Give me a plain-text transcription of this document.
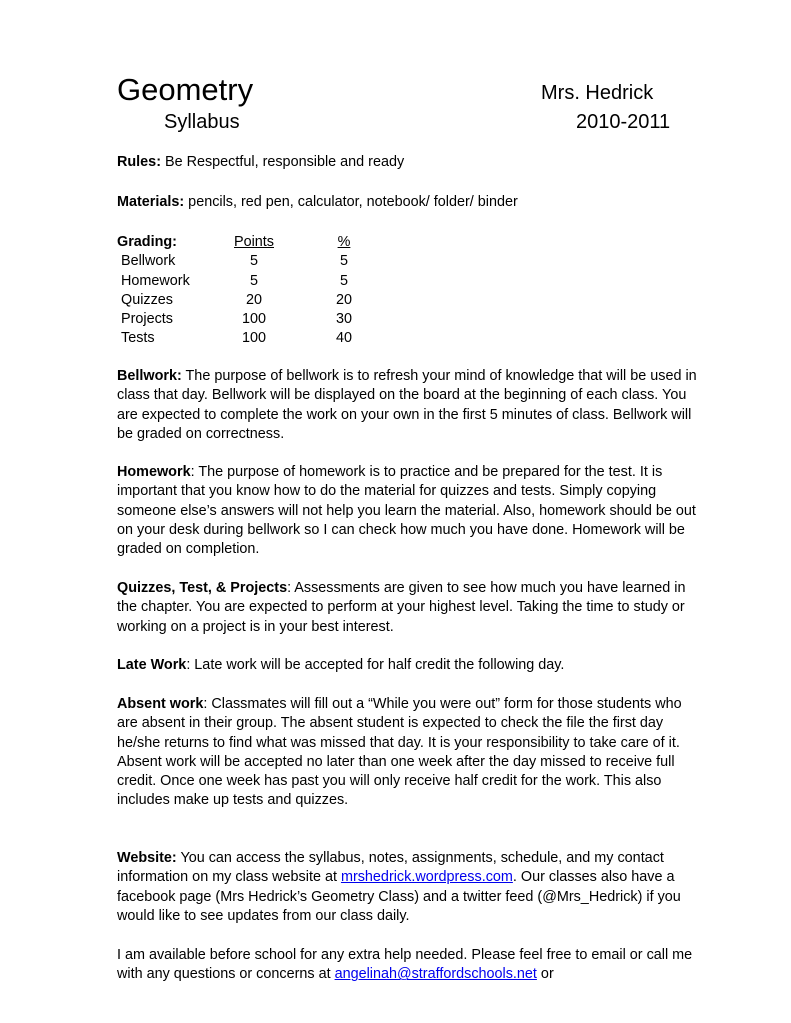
Geometry	Mrs. Hedrick
Syllabus	2010-2011
Rules: Be Respectful, responsible and ready
Materials: pencils, red pen, calculator, notebook/ folder/ binder
Grading:	Points	%
Bellwork	5	5
Homework	5	5
Quizzes	20	20
Projects	100	30
Tests	100	40
Bellwork: The purpose of bellwork is to refresh your mind of knowledge that will be used in class that day. Bellwork will be displayed on the board at the beginning of each class. You are expected to complete the work on your own in the first 5 minutes of class. Bellwork will be graded on correctness.
Homework: The purpose of homework is to practice and be prepared for the test. It is important that you know how to do the material for quizzes and tests. Simply copying someone else’s answers will not help you learn the material. Also, homework should be out on your desk during bellwork so I can check how much you have done. Homework will be graded on completion.
Quizzes, Test, & Projects: Assessments are given to see how much you have learned in the chapter. You are expected to perform at your highest level. Taking the time to study or working on a project is in your best interest.
Late Work: Late work will be accepted for half credit the following day.
Absent work: Classmates will fill out a “While you were out” form for those students who are absent in their group. The absent student is expected to check the file the first day he/she returns to find what was missed that day. It is your responsibility to take care of it. Absent work will be accepted no later than one week after the day missed to receive full credit. Once one week has past you will only receive half credit for the work. This also includes make up tests and quizzes.
Website: You can access the syllabus, notes, assignments, schedule, and my contact information on my class website at mrshedrick.wordpress.com. Our classes also have a facebook page (Mrs Hedrick’s Geometry Class) and a twitter feed (@Mrs_Hedrick) if you would like to see updates from our class daily.
I am available before school for any extra help needed. Please feel free to email or call me with any questions or concerns at angelinah@straffordschools.net or
